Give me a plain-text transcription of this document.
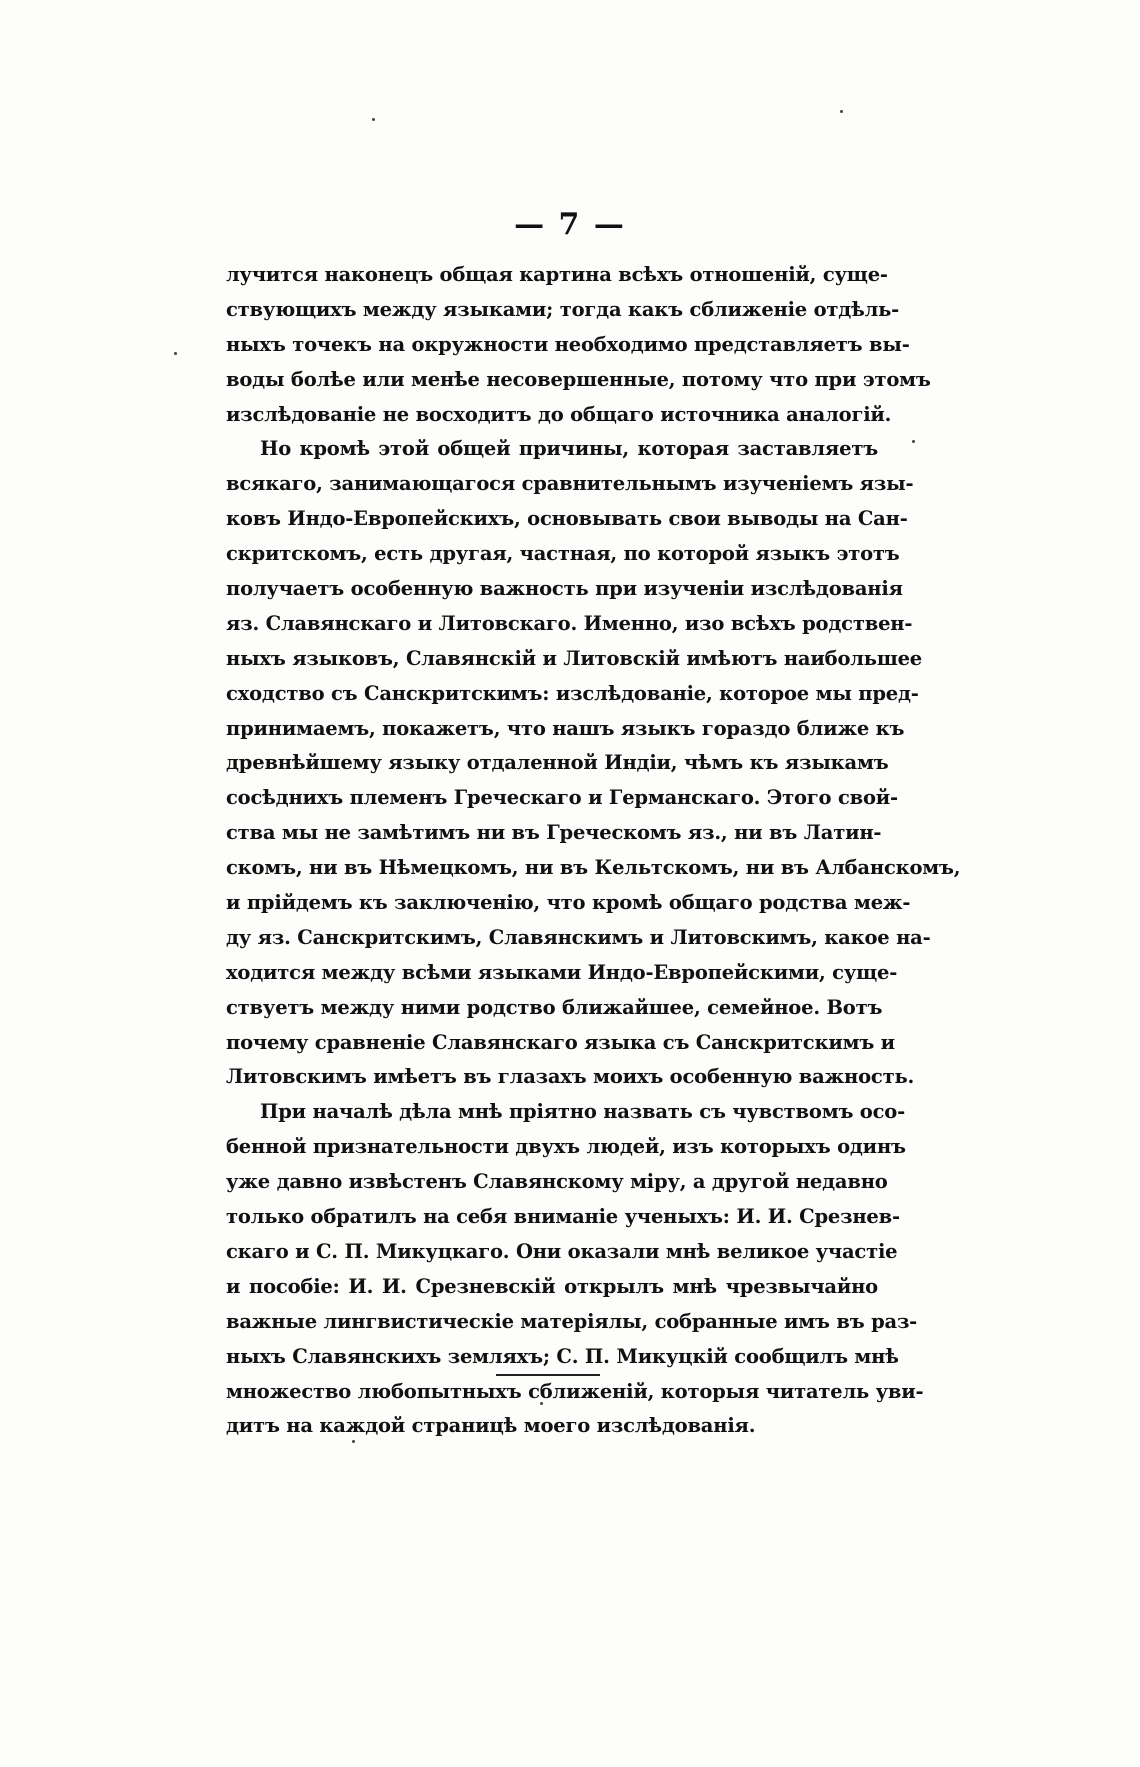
— 7 —
лучится наконецъ общая картина всѣхъ отношеній, суще-
ствующихъ между языками; тогда какъ сближеніе отдѣль-
ныхъ точекъ на окружности необходимо представляетъ вы-
воды болѣе или менѣе несовершенные, потому что при этомъ
изслѣдованіе не восходитъ до общаго источника аналогій.
Но кромѣ этой общей причины, которая заставляетъ
всякаго, занимающагося сравнительнымъ изученіемъ язы-
ковъ Индо-Европейскихъ, основывать свои выводы на Сан-
скритскомъ, есть другая, частная, по которой языкъ этотъ
получаетъ особенную важность при изученіи изслѣдованія
яз. Славянскаго и Литовскаго. Именно, изо всѣхъ родствен-
ныхъ языковъ, Славянскій и Литовскій имѣютъ наибольшее
сходство съ Санскритскимъ: изслѣдованіе, которое мы пред-
принимаемъ, покажетъ, что нашъ языкъ гораздо ближе къ
древнѣйшему языку отдаленной Индіи, чѣмъ къ языкамъ
сосѣднихъ племенъ Греческаго и Германскаго. Этого свой-
ства мы не замѣтимъ ни въ Греческомъ яз., ни въ Латин-
скомъ, ни въ Нѣмецкомъ, ни въ Кельтскомъ, ни въ Албанскомъ,
и прійдемъ къ заключенію, что кромѣ общаго родства меж-
ду яз. Санскритскимъ, Славянскимъ и Литовскимъ, какое на-
ходится между всѣми языками Индо-Европейскими, суще-
ствуетъ между ними родство ближайшее, семейное. Вотъ
почему сравненіе Славянскаго языка съ Санскритскимъ и
Литовскимъ имѣетъ въ глазахъ моихъ особенную важность.
При началѣ дѣла мнѣ пріятно назвать съ чувствомъ осо-
бенной признательности двухъ людей, изъ которыхъ одинъ
уже давно извѣстенъ Славянскому міру, а другой недавно
только обратилъ на себя вниманіе ученыхъ: И. И. Срезнев-
скаго и С. П. Микуцкаго. Они оказали мнѣ великое участіе
и пособіе: И. И. Срезневскій открылъ мнѣ чрезвычайно
важные лингвистическіе матеріялы, собранные имъ въ раз-
ныхъ Славянскихъ земляхъ; С. П. Микуцкій сообщилъ мнѣ
множество любопытныхъ сближеній, которыя читатель уви-
дитъ на каждой страницѣ моего изслѣдованія.
